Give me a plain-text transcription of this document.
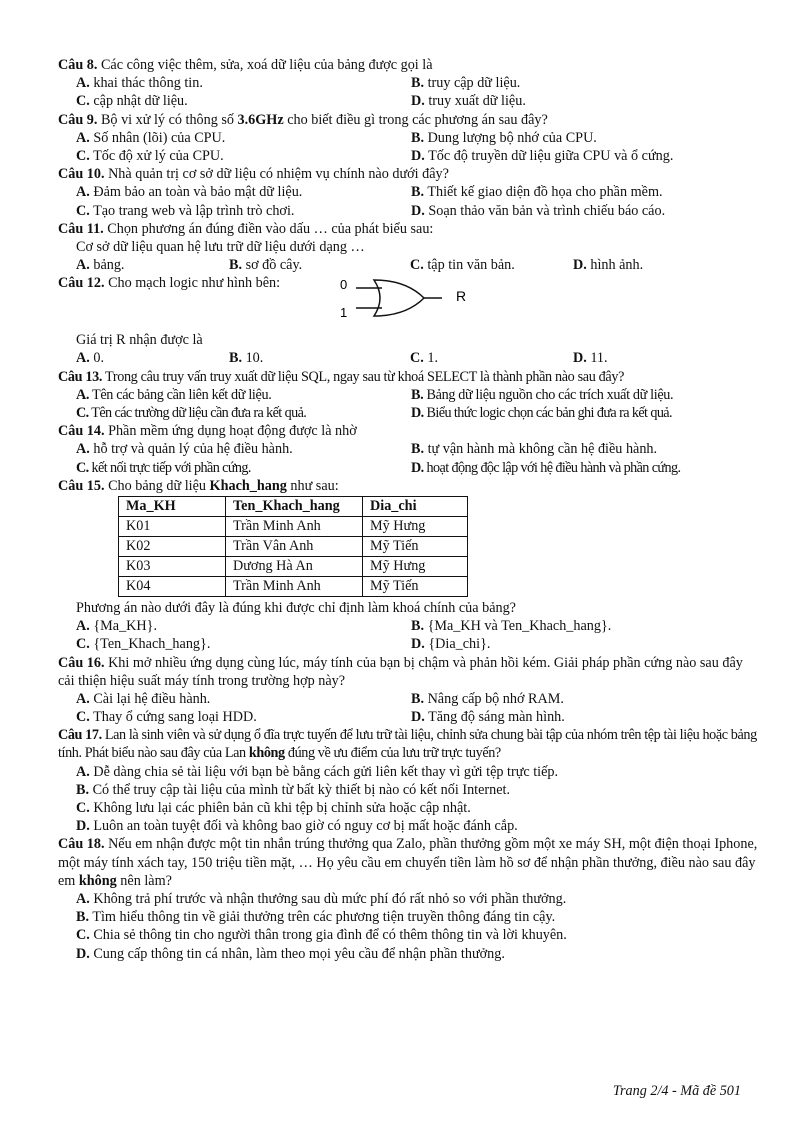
Câu 8. Các công việc thêm, sửa, xoá dữ liệu của bảng được gọi là
A. khai thác thông tin.	B. truy cập dữ liệu.
C. cập nhật dữ liệu.	D. truy xuất dữ liệu.
Câu 9. Bộ vi xử lý có thông số 3.6GHz cho biết điều gì trong các phương án sau đây?
A. Số nhân (lõi) của CPU.	B. Dung lượng bộ nhớ của CPU.
C. Tốc độ xử lý của CPU.	D. Tốc độ truyền dữ liệu giữa CPU và ổ cứng.
Câu 10. Nhà quản trị cơ sở dữ liệu có nhiệm vụ chính nào dưới đây?
A. Đảm bảo an toàn và bảo mật dữ liệu.	B. Thiết kế giao diện đồ họa cho phần mềm.
C. Tạo trang web và lập trình trò chơi.	D. Soạn thảo văn bản và trình chiếu báo cáo.
Câu 11. Chọn phương án đúng điền vào dấu … của phát biểu sau:
Cơ sở dữ liệu quan hệ lưu trữ dữ liệu dưới dạng …
A. bảng.	B. sơ đồ cây.	C. tập tin văn bản.	D. hình ảnh.
Câu 12. Cho mạch logic như hình bên:	0
1
R
Giá trị R nhận được là
A. 0.	B. 10.	C. 1.	D. 11.
Câu 13. Trong câu truy vấn truy xuất dữ liệu SQL, ngay sau từ khoá SELECT là thành phần nào sau đây?
A. Tên các bảng cần liên kết dữ liệu.	B. Bảng dữ liệu nguồn cho các trích xuất dữ liệu.
C. Tên các trường dữ liệu cần đưa ra kết quả.	D. Biểu thức logic chọn các bản ghi đưa ra kết quả.
Câu 14. Phần mềm ứng dụng hoạt động được là nhờ
A. hỗ trợ và quản lý của hệ điều hành.	B. tự vận hành mà không cần hệ điều hành.
C. kết nối trực tiếp với phần cứng.	D. hoạt động độc lập với hệ điều hành và phần cứng.
Câu 15. Cho bảng dữ liệu Khach_hang như sau:
Ma_KH	Ten_Khach_hang	Dia_chi
K01	Trần Minh Anh	Mỹ Hưng
K02	Trần Vân Anh	Mỹ Tiến
K03	Dương Hà An	Mỹ Hưng
K04	Trần Minh Anh	Mỹ Tiến
Phương án nào dưới đây là đúng khi được chỉ định làm khoá chính của bảng?
A. {Ma_KH}.	B. {Ma_KH và Ten_Khach_hang}.
C. {Ten_Khach_hang}.	D. {Dia_chi}.
Câu 16. Khi mở nhiều ứng dụng cùng lúc, máy tính của bạn bị chậm và phản hồi kém. Giải pháp phần cứng nào sau đây cải thiện hiệu suất máy tính trong trường hợp này?
A. Cài lại hệ điều hành.	B. Nâng cấp bộ nhớ RAM.
C. Thay ổ cứng sang loại HDD.	D. Tăng độ sáng màn hình.
Câu 17. Lan là sinh viên và sử dụng ổ đĩa trực tuyến để lưu trữ tài liệu, chỉnh sửa chung bài tập của nhóm trên tệp tài liệu hoặc bảng tính. Phát biểu nào sau đây của Lan không đúng về ưu điểm của lưu trữ trực tuyến?
A. Dễ dàng chia sẻ tài liệu với bạn bè bằng cách gửi liên kết thay vì gửi tệp trực tiếp.
B. Có thể truy cập tài liệu của mình từ bất kỳ thiết bị nào có kết nối Internet.
C. Không lưu lại các phiên bản cũ khi tệp bị chỉnh sửa hoặc cập nhật.
D. Luôn an toàn tuyệt đối và không bao giờ có nguy cơ bị mất hoặc đánh cắp.
Câu 18. Nếu em nhận được một tin nhắn trúng thưởng qua Zalo, phần thưởng gồm một xe máy SH, một điện thoại Iphone, một máy tính xách tay, 150 triệu tiền mặt, … Họ yêu cầu em chuyển tiền làm hồ sơ để nhận phần thưởng, điều nào sau đây em không nên làm?
A. Không trả phí trước và nhận thưởng sau dù mức phí đó rất nhỏ so với phần thưởng.
B. Tìm hiểu thông tin về giải thưởng trên các phương tiện truyền thông đáng tin cậy.
C. Chia sẻ thông tin cho người thân trong gia đình để có thêm thông tin và lời khuyên.
D. Cung cấp thông tin cá nhân, làm theo mọi yêu cầu để nhận phần thưởng.
Trang 2/4 - Mã đề 501
